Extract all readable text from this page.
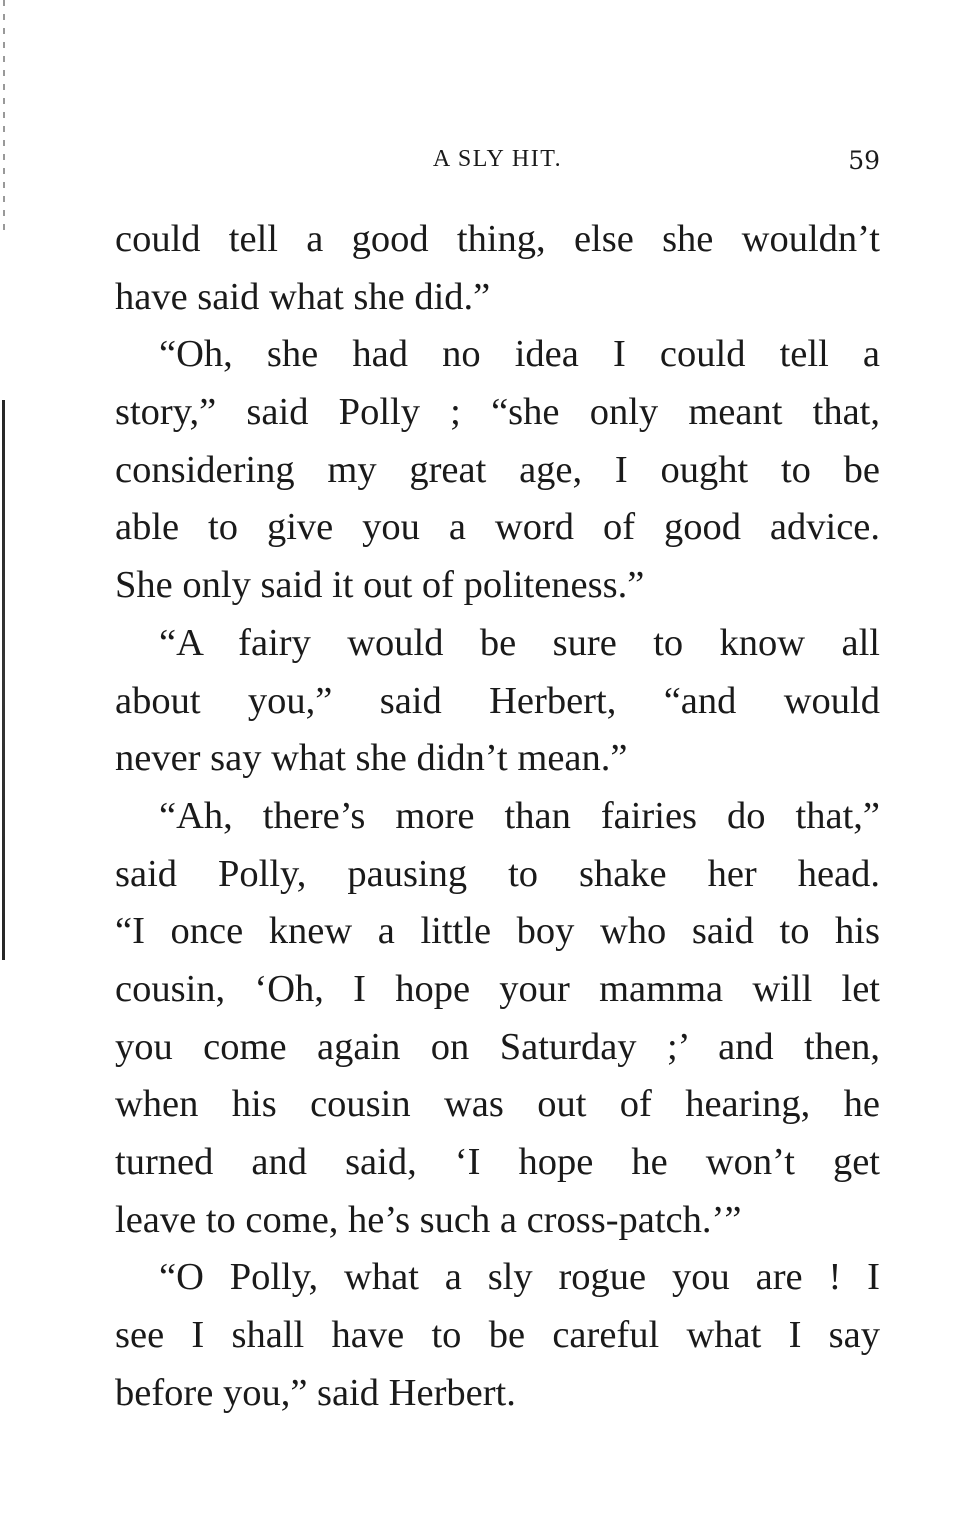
A SLY HIT.	59
could tell a good thing, else she wouldn’t
have said what she did.”
“Oh, she had no idea I could tell a
story,” said Polly ; “she only meant that,
considering my great age, I ought to be
able to give you a word of good advice.
She only said it out of politeness.”
“A fairy would be sure to know all
about you,” said Herbert, “and would
never say what she didn’t mean.”
“Ah, there’s more than fairies do that,”
said Polly, pausing to shake her head.
“I once knew a little boy who said to his
cousin, ‘Oh, I hope your mamma will let
you come again on Saturday ;’ and then,
when his cousin was out of hearing, he
turned and said, ‘I hope he won’t get
leave to come, he’s such a cross-patch.’”
“O Polly, what a sly rogue you are ! I
see I shall have to be careful what I say
before you,” said Herbert.
